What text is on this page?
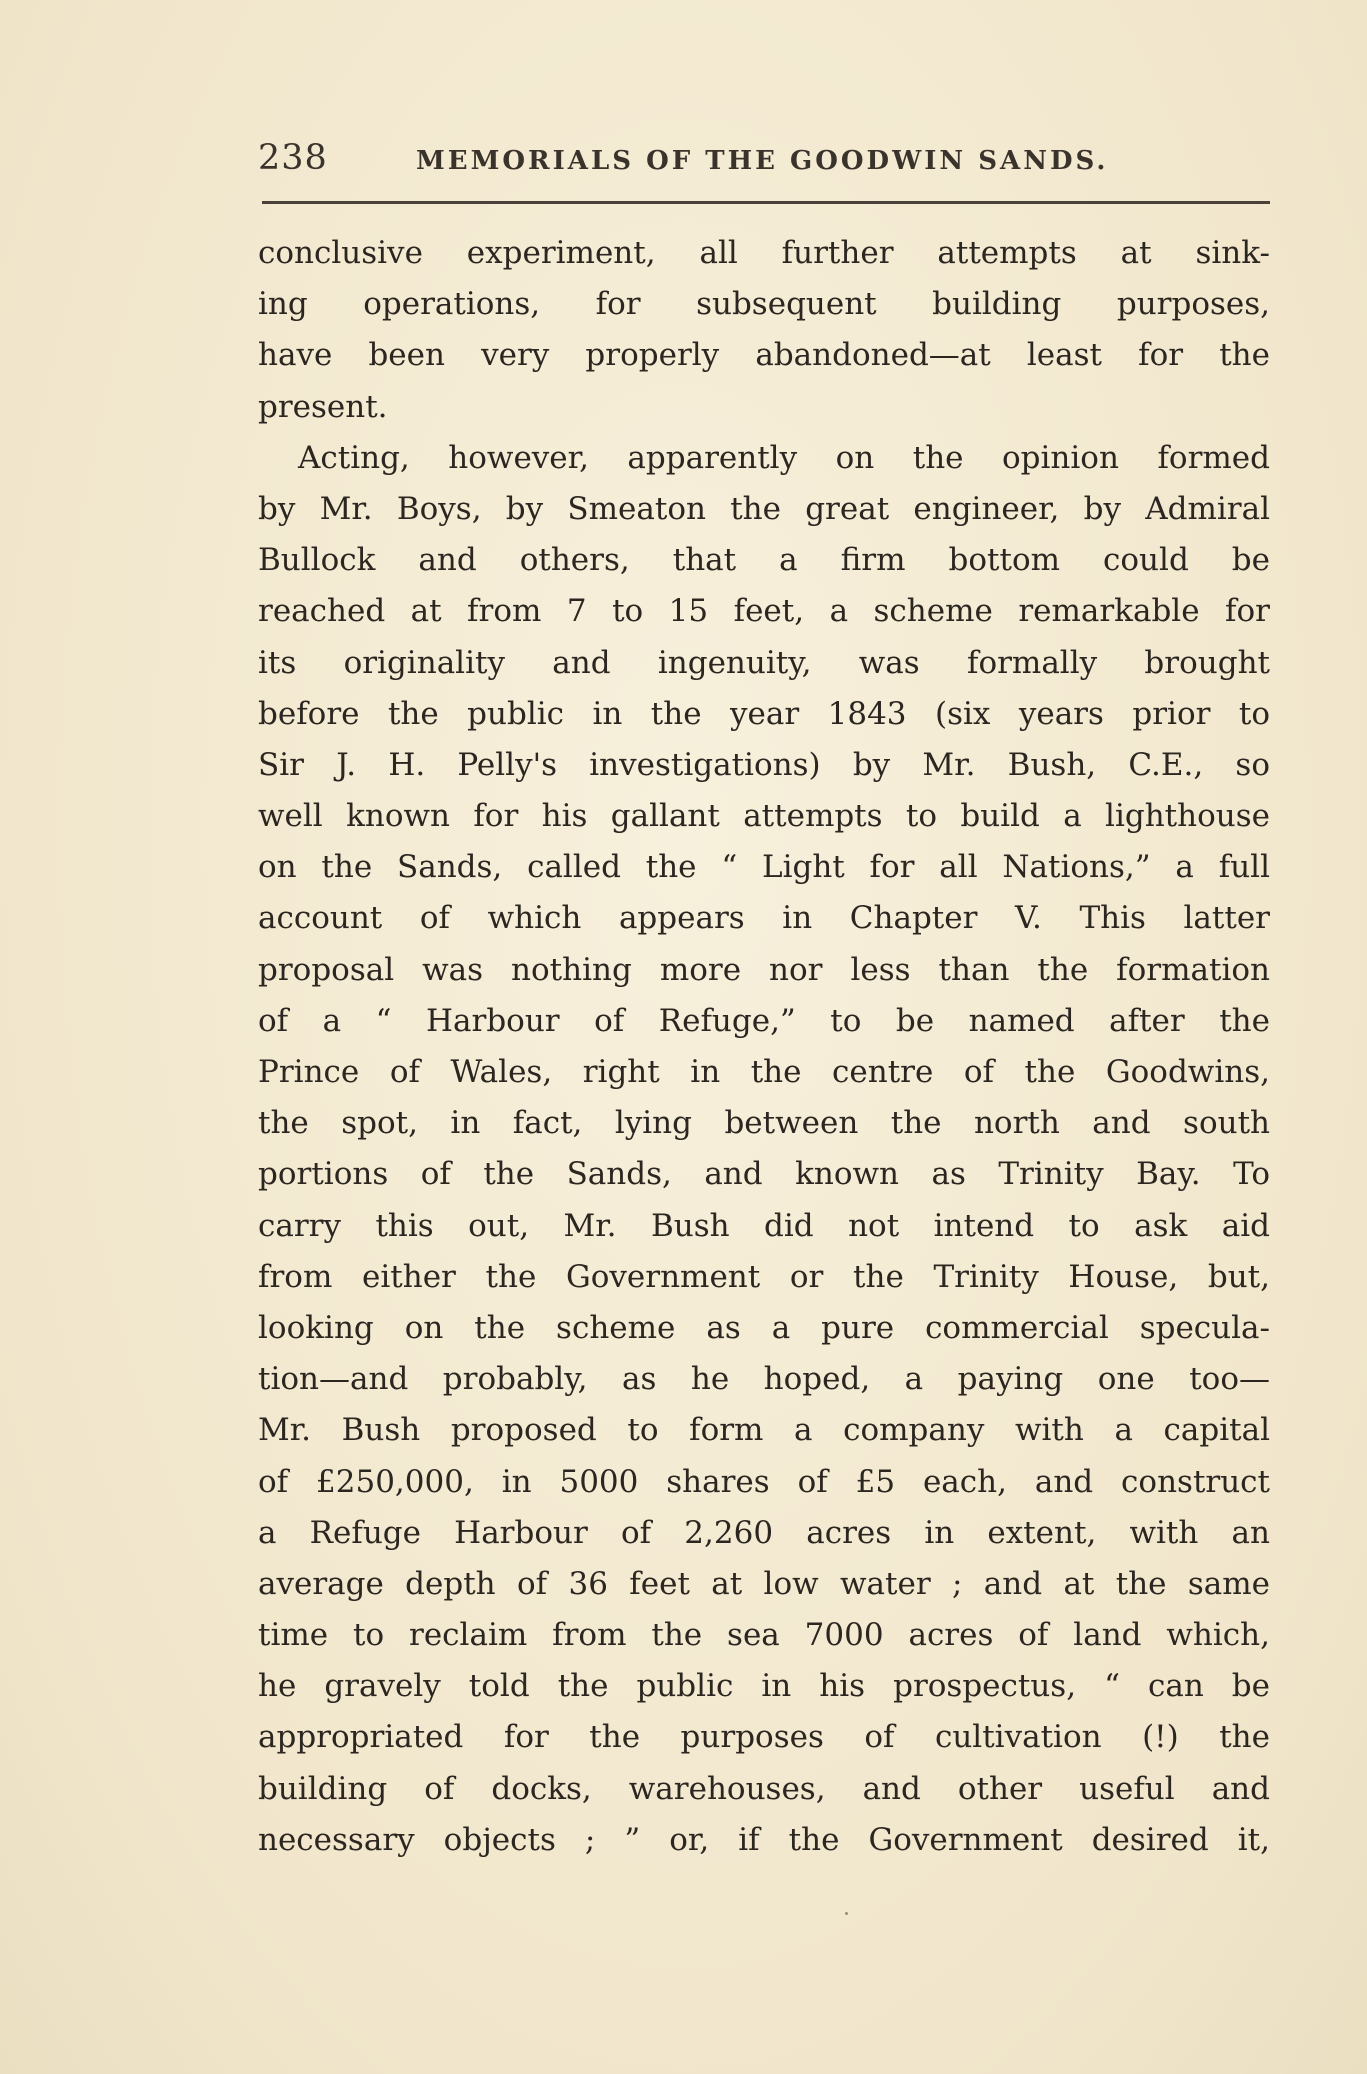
238	MEMORIALS OF THE GOODWIN SANDS.
conclusive experiment, all further attempts at sink-
ing operations, for subsequent building purposes,
have been very properly abandoned—at least for the
present.
Acting, however, apparently on the opinion formed
by Mr. Boys, by Smeaton the great engineer, by Admiral
Bullock and others, that a firm bottom could be
reached at from 7 to 15 feet, a scheme remarkable for
its originality and ingenuity, was formally brought
before the public in the year 1843 (six years prior to
Sir J. H. Pelly's investigations) by Mr. Bush, C.E., so
well known for his gallant attempts to build a lighthouse
on the Sands, called the “ Light for all Nations,” a full
account of which appears in Chapter V. This latter
proposal was nothing more nor less than the formation
of a “ Harbour of Refuge,” to be named after the
Prince of Wales, right in the centre of the Goodwins,
the spot, in fact, lying between the north and south
portions of the Sands, and known as Trinity Bay. To
carry this out, Mr. Bush did not intend to ask aid
from either the Government or the Trinity House, but,
looking on the scheme as a pure commercial specula-
tion—and probably, as he hoped, a paying one too—
Mr. Bush proposed to form a company with a capital
of £250,000, in 5000 shares of £5 each, and construct
a Refuge Harbour of 2,260 acres in extent, with an
average depth of 36 feet at low water ; and at the same
time to reclaim from the sea 7000 acres of land which,
he gravely told the public in his prospectus, “ can be
appropriated for the purposes of cultivation (!) the
building of docks, warehouses, and other useful and
necessary objects ; ” or, if the Government desired it,
